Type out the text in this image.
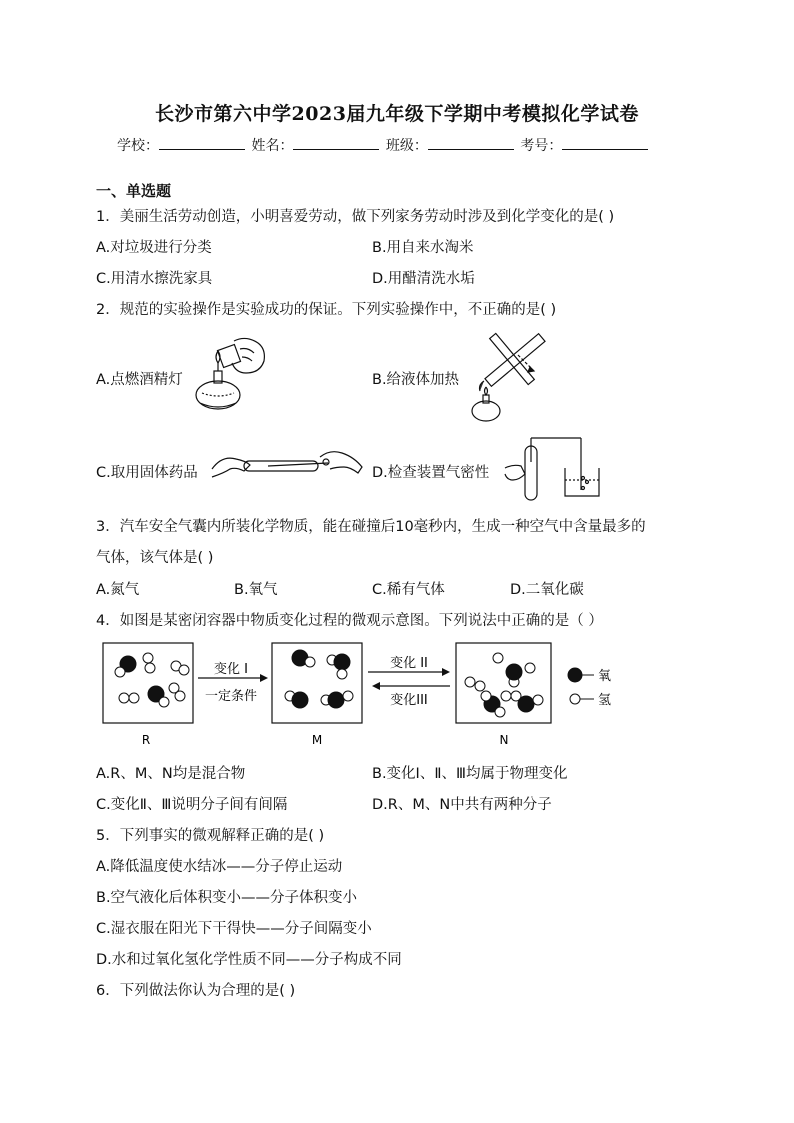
长沙市第六中学2023届九年级下学期中考模拟化学试卷
学校：	姓名：	班级：	考号：
一、单选题
1．美丽生活劳动创造，小明喜爱劳动，做下列家务劳动时涉及到化学变化的是( )
A.对垃圾进行分类	B.用自来水淘米
C.用清水擦洗家具	D.用醋清洗水垢
2．规范的实验操作是实验成功的保证。下列实验操作中，不正确的是( )
A.点燃酒精灯	B.给液体加热
C.取用固体药品	D.检查装置气密性
3．汽车安全气囊内所装化学物质，能在碰撞后10毫秒内，生成一种空气中含量最多的
气体，该气体是( )
A.氮气	B.氧气	C.稀有气体	D.二氧化碳
4．如图是某密闭容器中物质变化过程的微观示意图。下列说法中正确的是（ ）
变化 I
一定条件
变化 II
变化III
氧
氢
R	M	N
A.R、M、N均是混合物	B.变化Ⅰ、Ⅱ、Ⅲ均属于物理变化
C.变化Ⅱ、Ⅲ说明分子间有间隔	D.R、M、N中共有两种分子
5．下列事实的微观解释正确的是( )
A.降低温度使水结冰——分子停止运动
B.空气液化后体积变小——分子体积变小
C.湿衣服在阳光下干得快——分子间隔变小
D.水和过氧化氢化学性质不同——分子构成不同
6．下列做法你认为合理的是( )
